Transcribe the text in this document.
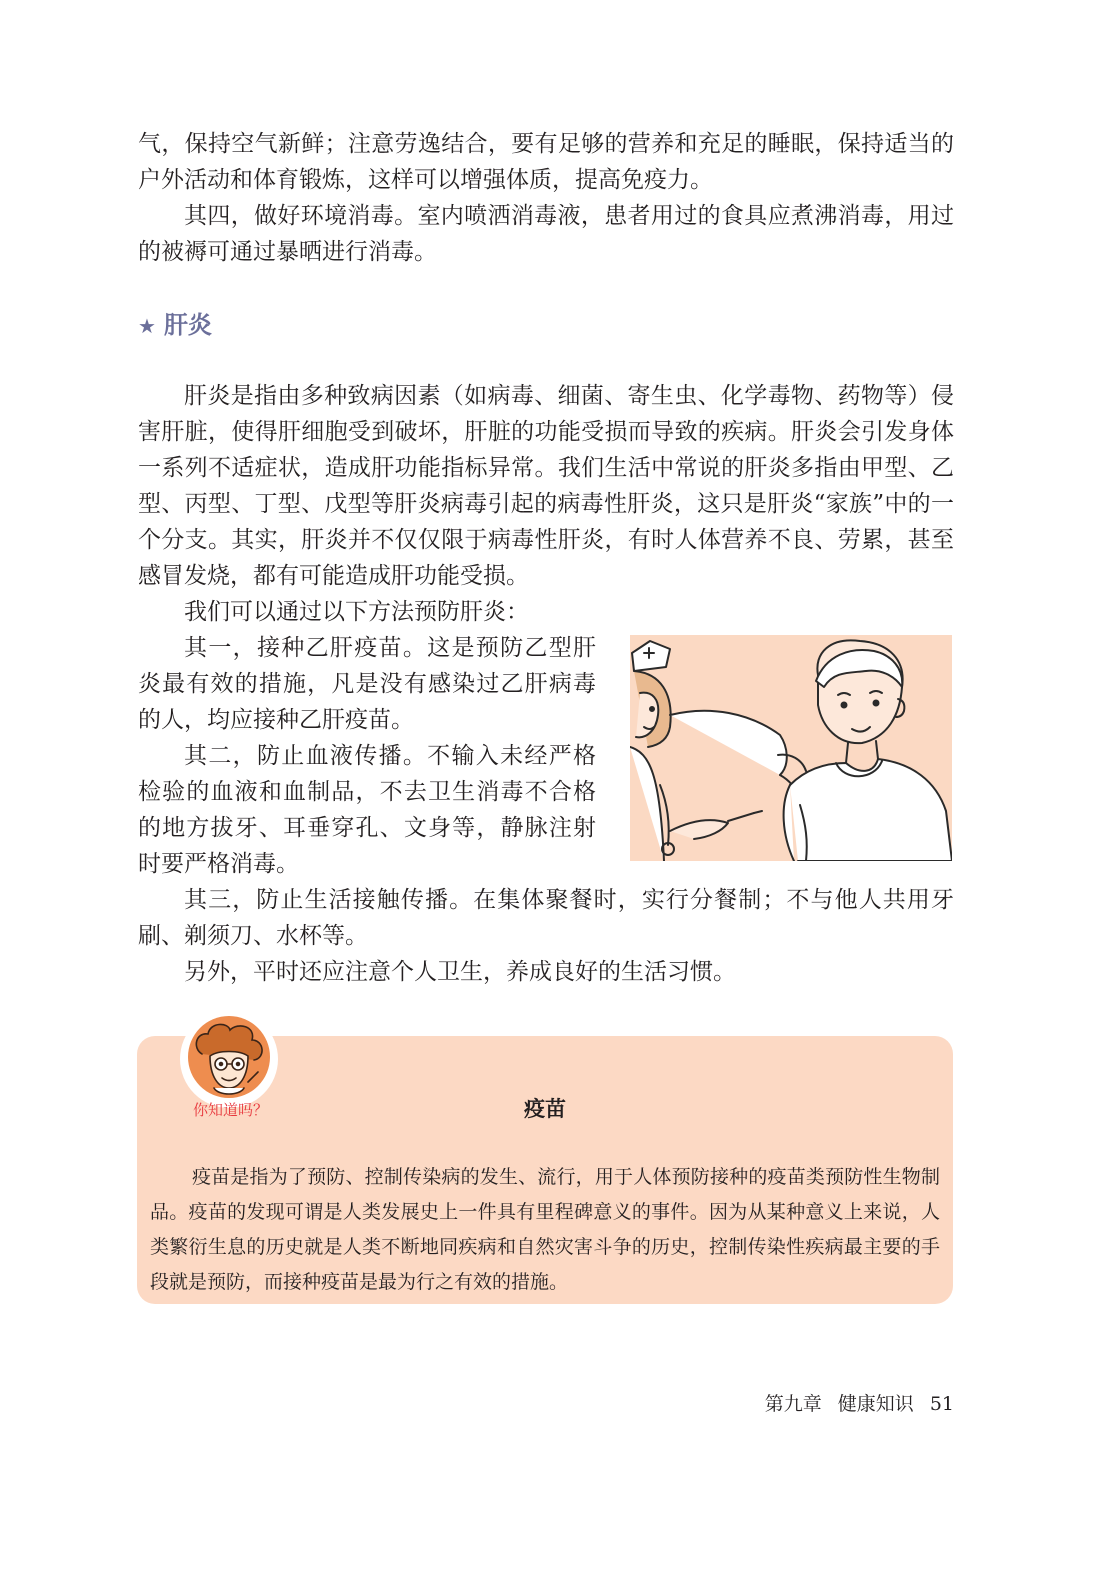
气，保持空气新鲜；注意劳逸结合，要有足够的营养和充足的睡眠，保持适当的户外活动和体育锻炼，这样可以增强体质，提高免疫力。

其四，做好环境消毒。室内喷洒消毒液，患者用过的食具应煮沸消毒，用过的被褥可通过暴晒进行消毒。

★ 肝炎

肝炎是指由多种致病因素（如病毒、细菌、寄生虫、化学毒物、药物等）侵害肝脏，使得肝细胞受到破坏，肝脏的功能受损而导致的疾病。肝炎会引发身体一系列不适症状，造成肝功能指标异常。我们生活中常说的肝炎多指由甲型、乙型、丙型、丁型、戊型等肝炎病毒引起的病毒性肝炎，这只是肝炎“家族”中的一个分支。其实，肝炎并不仅仅限于病毒性肝炎，有时人体营养不良、劳累，甚至感冒发烧，都有可能造成肝功能受损。

我们可以通过以下方法预防肝炎：

其一，接种乙肝疫苗。这是预防乙型肝炎最有效的措施，凡是没有感染过乙肝病毒的人，均应接种乙肝疫苗。

其二，防止血液传播。不输入未经严格检验的血液和血制品，不去卫生消毒不合格的地方拔牙、耳垂穿孔、文身等，静脉注射时要严格消毒。

其三，防止生活接触传播。在集体聚餐时，实行分餐制；不与他人共用牙刷、剃须刀、水杯等。

另外，平时还应注意个人卫生，养成良好的生活习惯。

你知道吗？	疫苗

疫苗是指为了预防、控制传染病的发生、流行，用于人体预防接种的疫苗类预防性生物制品。疫苗的发现可谓是人类发展史上一件具有里程碑意义的事件。因为从某种意义上来说，人类繁衍生息的历史就是人类不断地同疾病和自然灾害斗争的历史，控制传染性疾病最主要的手段就是预防，而接种疫苗是最为行之有效的措施。

第九章 健康知识 51
